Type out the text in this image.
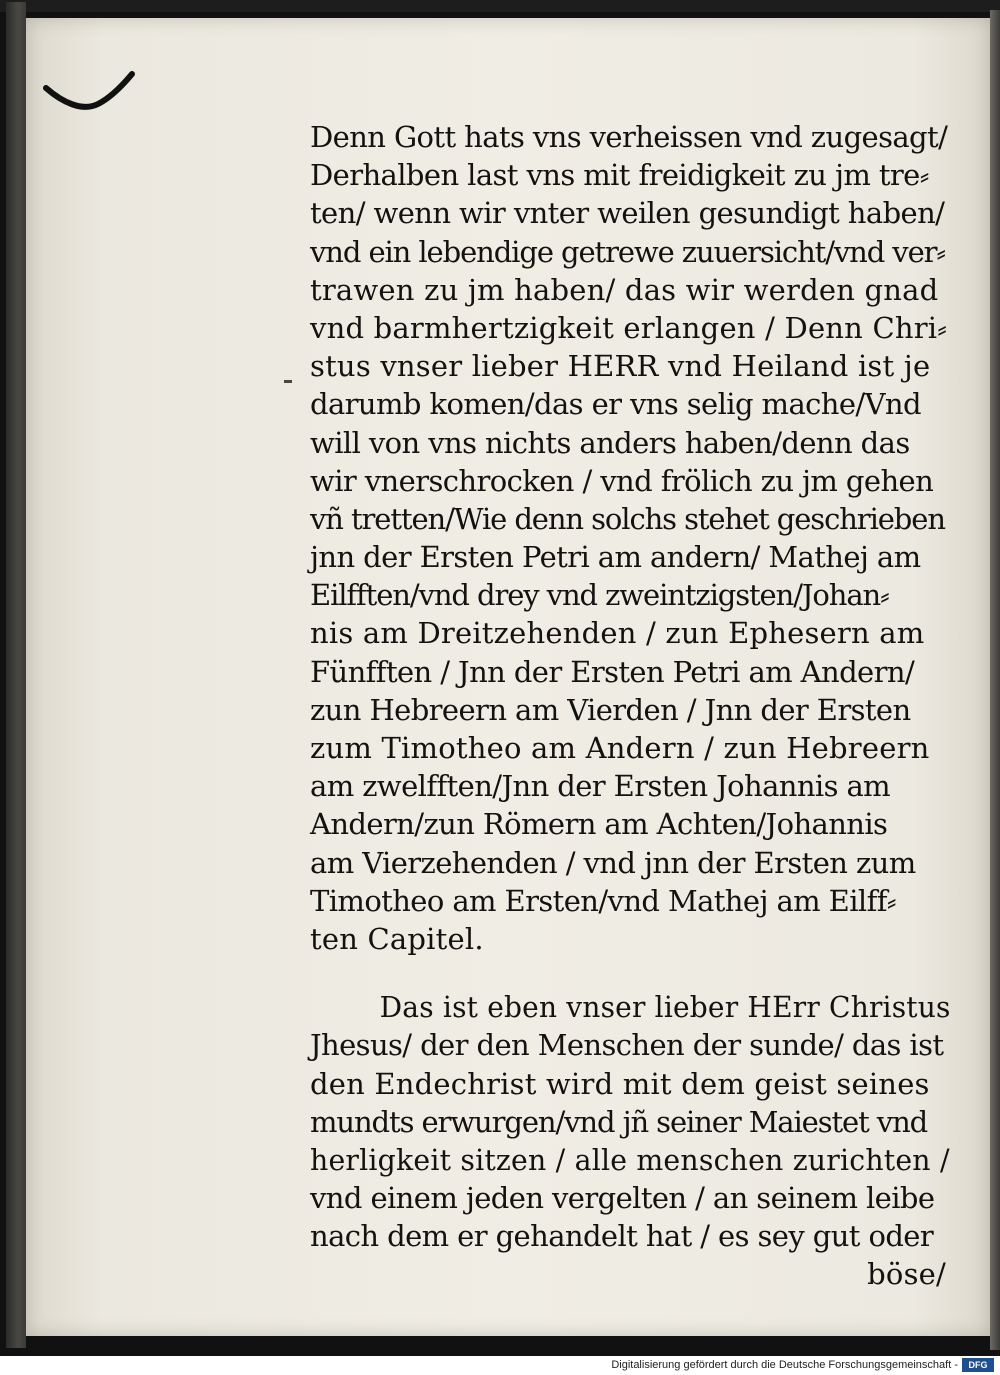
Denn Gott hats vns verheissen vnd zugesagt/
Derhalben last vns mit freidigkeit zu jm tre⸗
ten/ wenn wir vnter weilen gesundigt haben/
vnd ein lebendige getrewe zuuersicht/vnd ver⸗
trawen zu jm haben/ das wir werden gnad
vnd barmhertzigkeit erlangen / Denn Chri⸗
stus vnser lieber HERR vnd Heiland ist je
darumb komen/das er vns selig mache/Vnd
will von vns nichts anders haben/denn das
wir vnerschrocken / vnd frölich zu jm gehen
vñ tretten/Wie denn solchs stehet geschrieben
jnn der Ersten Petri am andern/ Mathej am
Eilfften/vnd drey vnd zweintzigsten/Johan⸗
nis am Dreitzehenden / zun Ephesern am
Fünfften / Jnn der Ersten Petri am Andern/
zun Hebreern am Vierden / Jnn der Ersten
zum Timotheo am Andern / zun Hebreern
am zwelfften/Jnn der Ersten Johannis am
Andern/zun Römern am Achten/Johannis
am Vierzehenden / vnd jnn der Ersten zum
Timotheo am Ersten/vnd Mathej am Eilff⸗
ten Capitel.
Das ist eben vnser lieber HErr Christus
Jhesus/ der den Menschen der sunde/ das ist
den Endechrist wird mit dem geist seines
mundts erwurgen/vnd jñ seiner Maiestet vnd
herligkeit sitzen / alle menschen zurichten /
vnd einem jeden vergelten / an seinem leibe
nach dem er gehandelt hat / es sey gut oder
böse/
Digitalisierung gefördert durch die Deutsche Forschungsgemeinschaft -	DFG
